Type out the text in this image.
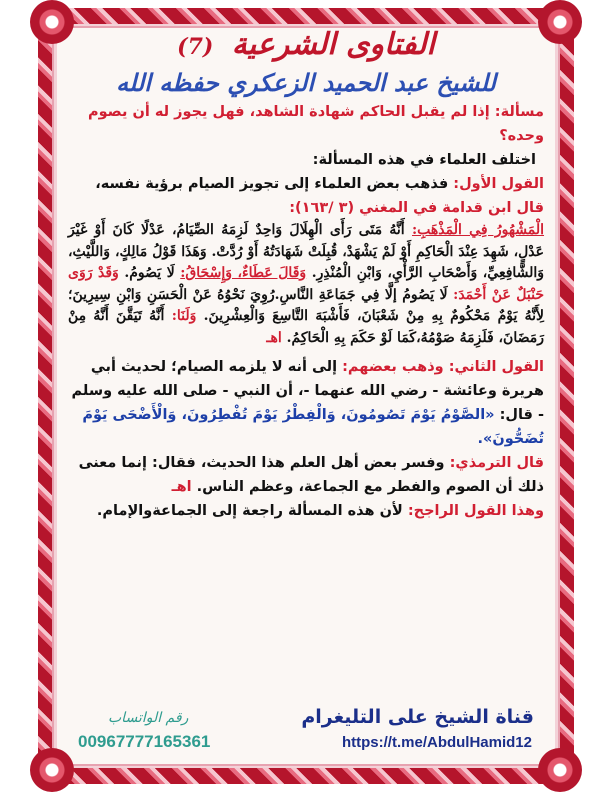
الفتاوى الشرعية (7)
للشيخ عبد الحميد الزعكري حفظه الله

مسألة: إذا لم يقبل الحاكم شهادة الشاهد، فهل يجوز له أن يصوم وحده؟

اختلف العلماء في هذه المسألة:

القول الأول: فذهب بعض العلماء إلى تجويز الصيام برؤية نفسه،

قال ابن قدامة في المغني (٣ /١٦٣):

الْمَشْهُورُ فِي الْمَذْهَبِ: أَنَّهُ مَتَى رَأَى الْهِلَالَ وَاحِدٌ لَزِمَهُ الصِّيَامُ، عَدْلًا كَانَ أَوْ غَيْرَ عَدْلٍ، شَهِدَ عِنْدَ الْحَاكِمِ أَوْ لَمْ يَشْهَدْ، قُبِلَتْ شَهَادَتُهُ أَوْ رُدَّتْ. وَهَذَا قَوْلُ مَالِكٍ، وَاللَّيْثِ، وَالشَّافِعِيِّ، وَأَصْحَابِ الرَّأْيِ، وَابْنِ الْمُنْذِرِ. وَقَالَ عَطَاءٌ، وَإِسْحَاقُ: لَا يَصُومُ. وَقَدْ رَوَى حَنْبَلٌ عَنْ أَحْمَدَ: لَا يَصُومُ إلَّا فِي جَمَاعَةِ النَّاسِ.رُوِيَ نَحْوُهُ عَنْ الْحَسَنِ وَابْنِ سِيرِينَ؛ لِأَنَّهُ يَوْمٌ مَحْكُومٌ بِهِ مِنْ شَعْبَانَ، فَأَشْبَهَ التَّاسِعَ وَالْعِشْرِينَ. وَلَنَا: أَنَّهُ تَيَقَّنَ أَنَّهُ مِنْ رَمَضَانَ، فَلَزِمَهُ صَوْمُهُ،كَمَا لَوْ حَكَمَ بِهِ الْحَاكِمُ. اهـ

القول الثاني: وذهب بعضهم: إلى أنه لا يلزمه الصيام؛ لحديث أبي هريرة وعائشة - رضي الله عنهما -، أن النبي - صلى الله عليه وسلم - قال: «الصَّوْمُ يَوْمَ تَصُومُونَ، وَالْفِطْرُ يَوْمَ تُفْطِرُونَ، وَالْأَضْحَى يَوْمَ تُضَحُّونَ».

قال الترمذي: وفسر بعض أهل العلم هذا الحديث، فقال: إنما معنى ذلك أن الصوم والفطر مع الجماعة، وعظم الناس. اهـ

وهذا القول الراجح: لأن هذه المسألة راجعة إلى الجماعةوالإمام.

قناة الشيخ على التليغرام
رقم الواتساب
00967777165361	https://t.me/AbdulHamid12
